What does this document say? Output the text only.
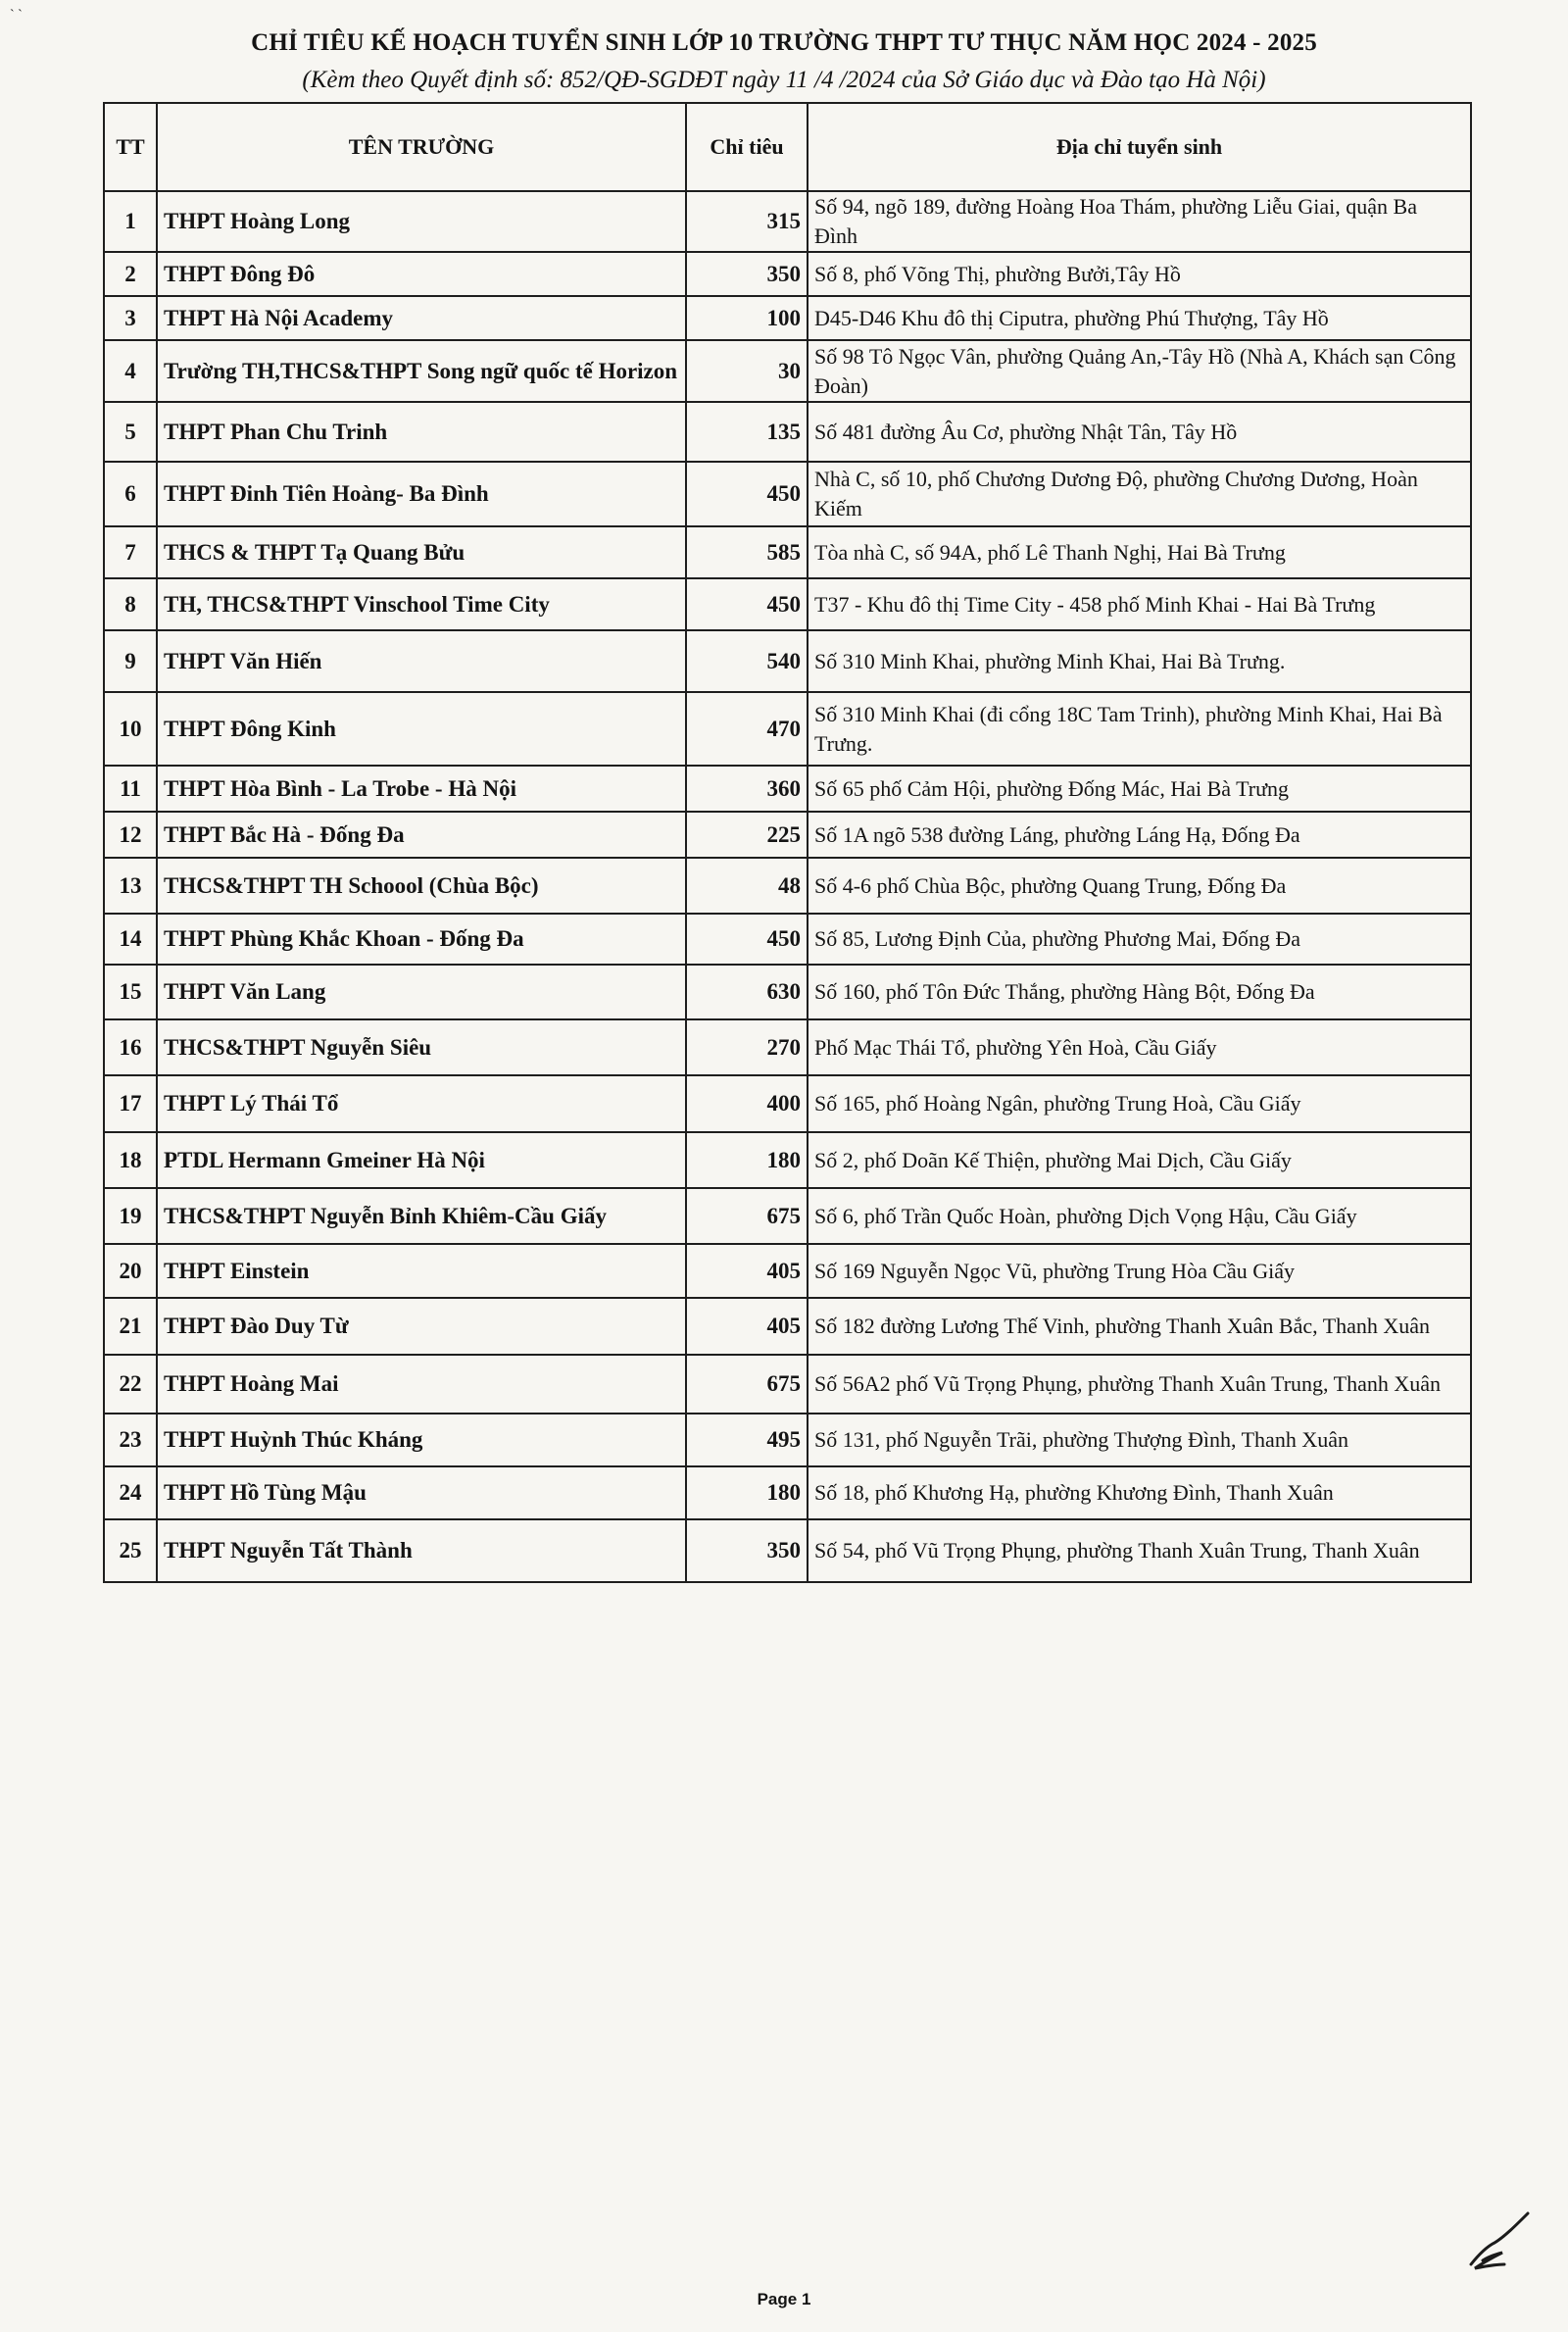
` `
CHỈ TIÊU KẾ HOẠCH TUYỂN SINH LỚP 10 TRƯỜNG THPT TƯ THỤC NĂM HỌC 2024 - 2025
(Kèm theo Quyết định số: 852/QĐ-SGDĐT ngày 11 /4 /2024 của Sở Giáo dục và Đào tạo Hà Nội)
TT	TÊN TRƯỜNG	Chỉ tiêu	Địa chỉ tuyển sinh
1	THPT Hoàng Long	315	Số 94, ngõ 189, đường Hoàng Hoa Thám, phường Liễu Giai, quận Ba Đình
2	THPT Đông Đô	350	Số 8, phố Võng Thị, phường Bưởi,Tây Hồ
3	THPT Hà Nội Academy	100	D45-D46 Khu đô thị Ciputra, phường Phú Thượng, Tây Hồ
4	Trường TH,THCS&THPT Song ngữ quốc tế Horizon	30	Số 98 Tô Ngọc Vân, phường Quảng An,-Tây Hồ (Nhà A, Khách sạn Công Đoàn)
5	THPT Phan Chu Trinh	135	Số 481 đường Âu Cơ, phường Nhật Tân, Tây Hồ
6	THPT Đinh Tiên Hoàng- Ba Đình	450	Nhà C, số 10, phố Chương Dương Độ, phường Chương Dương, Hoàn Kiếm
7	THCS & THPT Tạ Quang Bửu	585	Tòa nhà C, số 94A, phố Lê Thanh Nghị, Hai Bà Trưng
8	TH, THCS&THPT Vinschool Time City	450	T37 - Khu đô thị Time City - 458 phố Minh Khai - Hai Bà Trưng
9	THPT Văn Hiến	540	Số 310 Minh Khai, phường Minh Khai, Hai Bà Trưng.
10	THPT Đông Kinh	470	Số 310 Minh Khai (đi cổng 18C Tam Trinh), phường Minh Khai, Hai Bà Trưng.
11	THPT Hòa Bình - La Trobe - Hà Nội	360	Số 65 phố Cảm Hội, phường Đống Mác, Hai Bà Trưng
12	THPT Bắc Hà - Đống Đa	225	Số 1A ngõ 538 đường Láng, phường Láng Hạ, Đống Đa
13	THCS&THPT TH Schoool (Chùa Bộc)	48	Số 4-6 phố Chùa Bộc, phường Quang Trung, Đống Đa
14	THPT Phùng Khắc Khoan - Đống Đa	450	Số 85, Lương Định Của, phường Phương Mai, Đống Đa
15	THPT Văn Lang	630	Số 160, phố Tôn Đức Thắng, phường Hàng Bột, Đống Đa
16	THCS&THPT Nguyễn Siêu	270	Phố Mạc Thái Tổ, phường Yên Hoà, Cầu Giấy
17	THPT Lý Thái Tổ	400	Số 165, phố Hoàng Ngân, phường Trung Hoà, Cầu Giấy
18	PTDL Hermann Gmeiner Hà Nội	180	Số 2, phố Doãn Kế Thiện, phường Mai Dịch, Cầu Giấy
19	THCS&THPT Nguyễn Bỉnh Khiêm-Cầu Giấy	675	Số 6, phố Trần Quốc Hoàn, phường Dịch Vọng Hậu, Cầu Giấy
20	THPT Einstein	405	Số 169 Nguyễn Ngọc Vũ, phường Trung Hòa Cầu Giấy
21	THPT Đào Duy Từ	405	Số 182 đường Lương Thế Vinh, phường Thanh Xuân Bắc, Thanh Xuân
22	THPT Hoàng Mai	675	Số 56A2 phố Vũ Trọng Phụng, phường Thanh Xuân Trung, Thanh Xuân
23	THPT Huỳnh Thúc Kháng	495	Số 131, phố Nguyễn Trãi, phường Thượng Đình, Thanh Xuân
24	THPT Hồ Tùng Mậu	180	Số 18, phố Khương Hạ, phường Khương Đình, Thanh Xuân
25	THPT Nguyễn Tất Thành	350	Số 54, phố Vũ Trọng Phụng, phường Thanh Xuân Trung, Thanh Xuân
Page 1
